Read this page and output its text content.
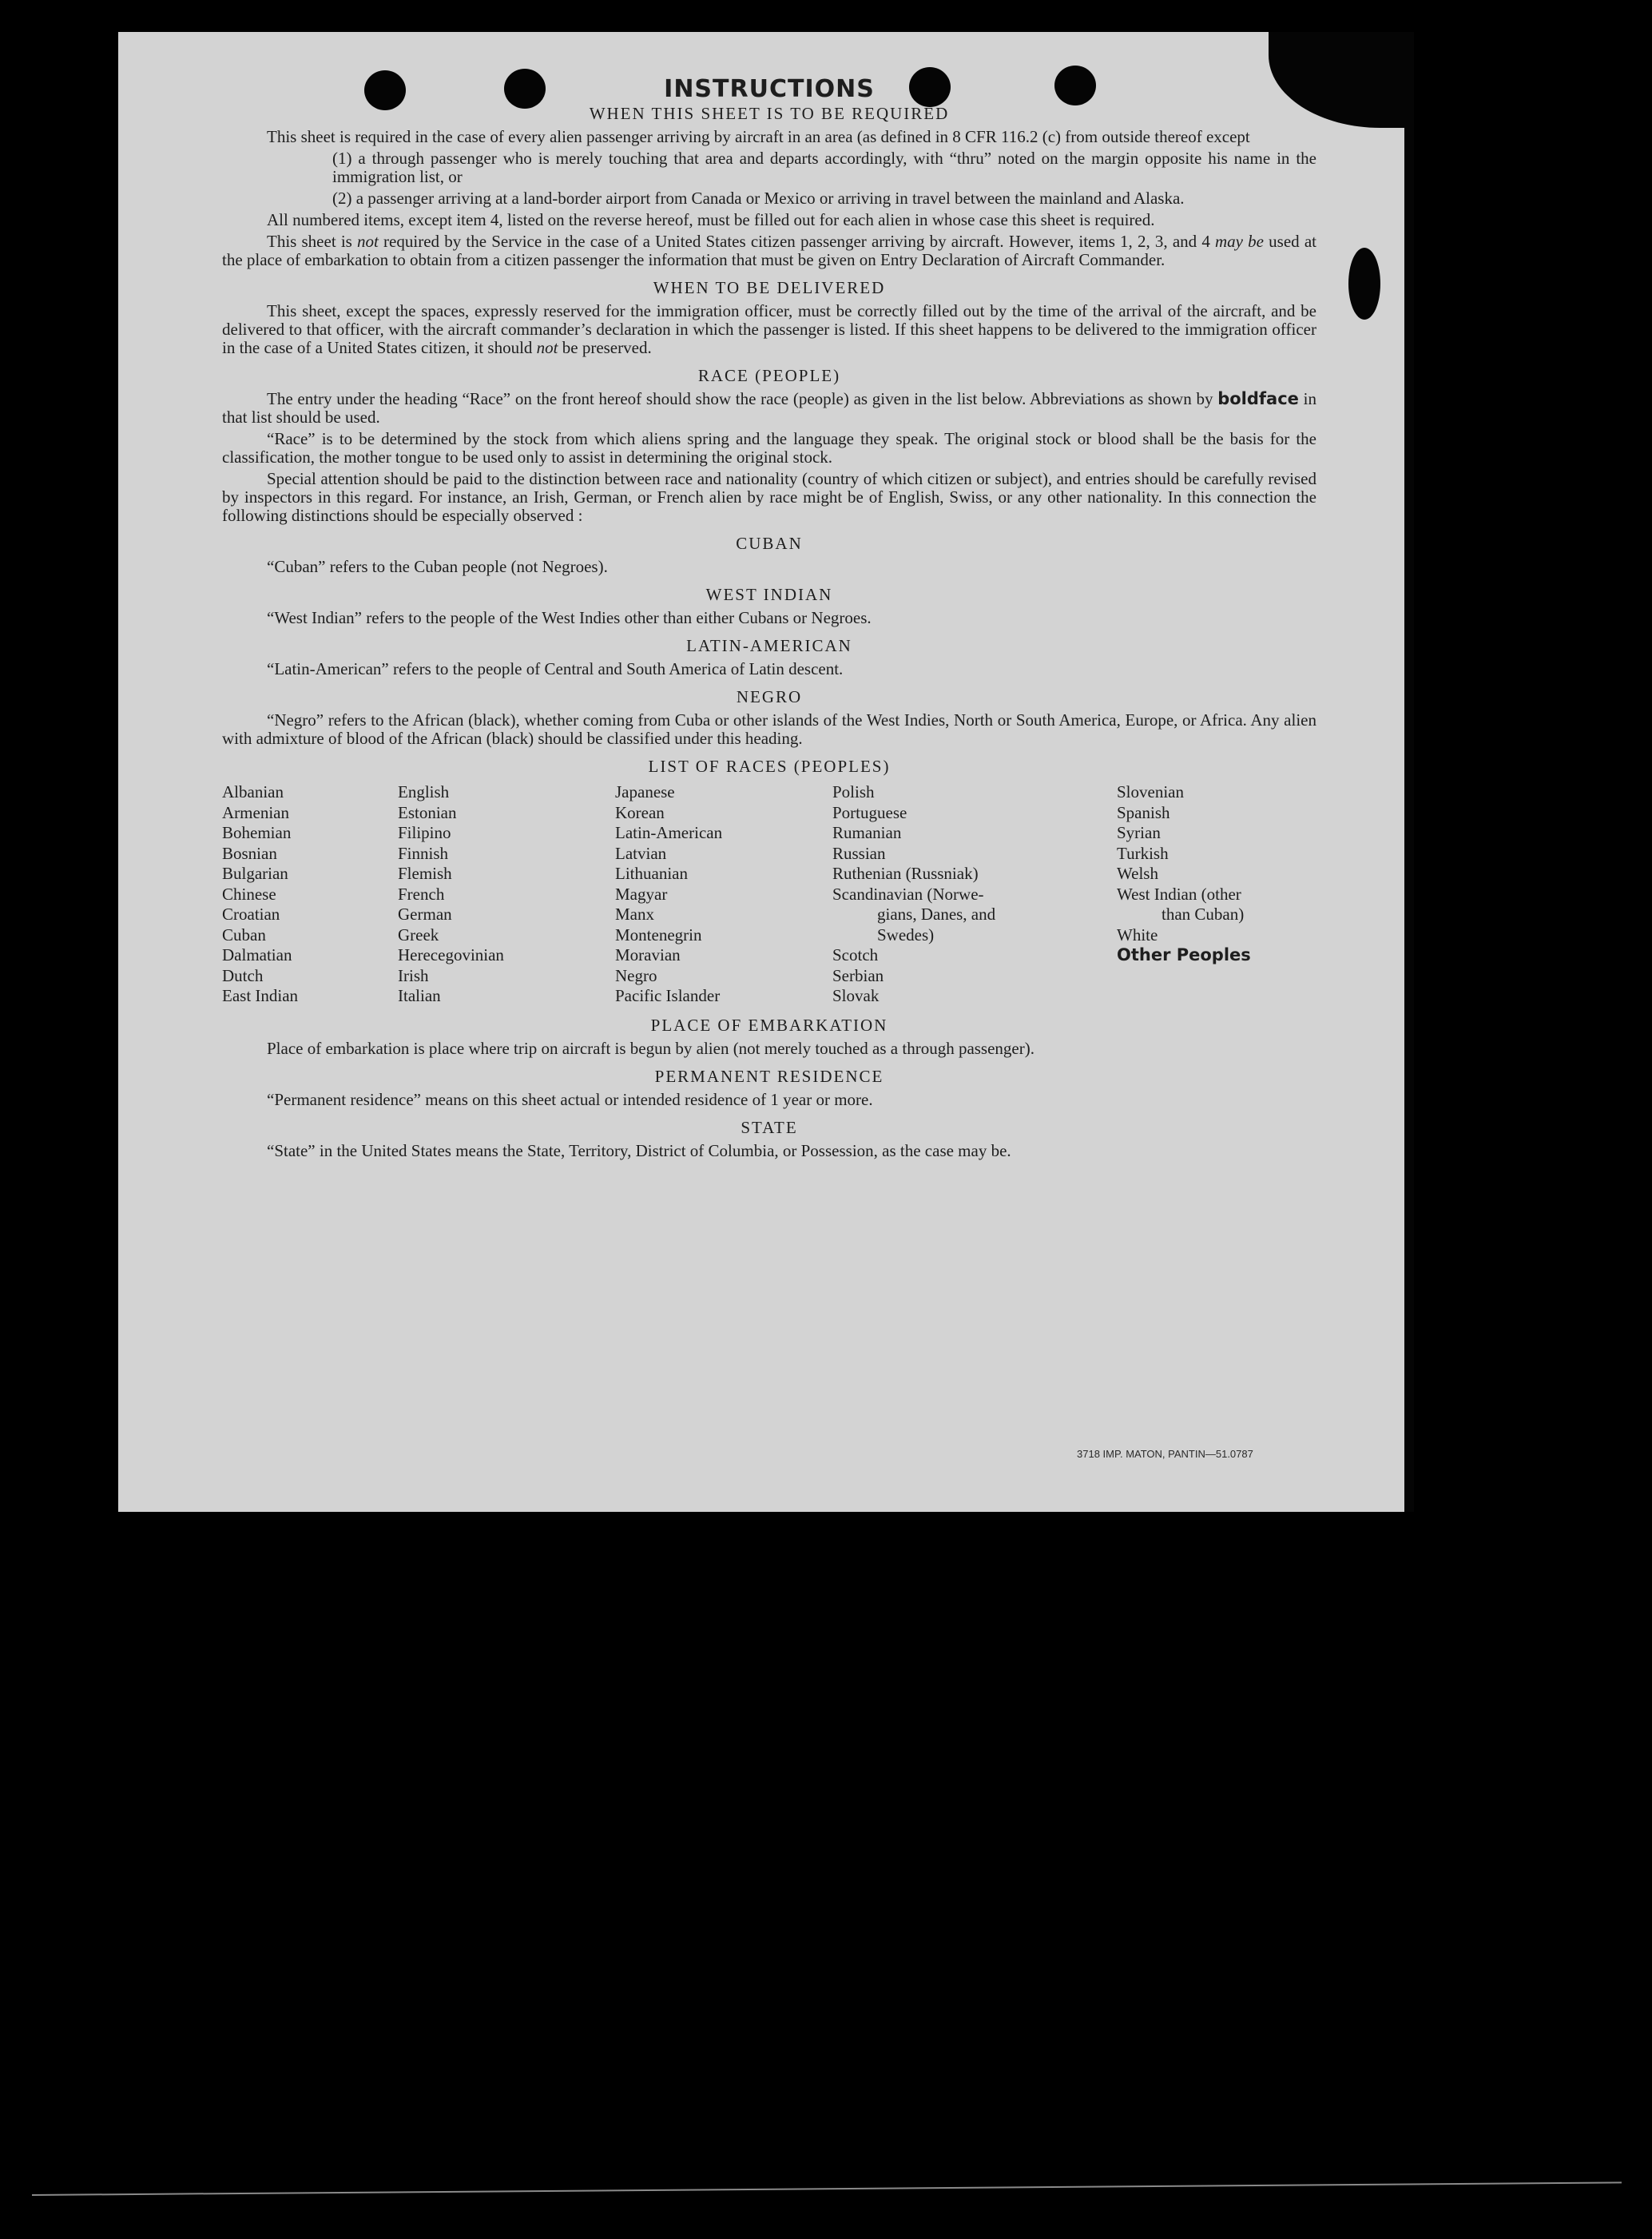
INSTRUCTIONS
WHEN THIS SHEET IS TO BE REQUIRED

This sheet is required in the case of every alien passenger arriving by aircraft in an area (as defined in 8 CFR 116.2 (c) from outside thereof except

(1) a through passenger who is merely touching that area and departs accordingly, with “thru” noted on the margin opposite his name in the immigration list, or

(2) a passenger arriving at a land-border airport from Canada or Mexico or arriving in travel between the mainland and Alaska.

All numbered items, except item 4, listed on the reverse hereof, must be filled out for each alien in whose case this sheet is required.

This sheet is not required by the Service in the case of a United States citizen passenger arriving by aircraft. However, items 1, 2, 3, and 4 may be used at the place of embarkation to obtain from a citizen passenger the information that must be given on Entry Declaration of Aircraft Commander.

WHEN TO BE DELIVERED

This sheet, except the spaces, expressly reserved for the immigration officer, must be correctly filled out by the time of the arrival of the aircraft, and be delivered to that officer, with the aircraft commander’s declaration in which the passenger is listed. If this sheet happens to be delivered to the immigration officer in the case of a United States citizen, it should not be preserved.

RACE (PEOPLE)

The entry under the heading “Race” on the front hereof should show the race (people) as given in the list below. Abbreviations as shown by boldface in that list should be used.

“Race” is to be determined by the stock from which aliens spring and the language they speak. The original stock or blood shall be the basis for the classification, the mother tongue to be used only to assist in determining the original stock.

Special attention should be paid to the distinction between race and nationality (country of which citizen or subject), and entries should be carefully revised by inspectors in this regard. For instance, an Irish, German, or French alien by race might be of English, Swiss, or any other nationality. In this connection the following distinctions should be especially observed :

CUBAN

“Cuban” refers to the Cuban people (not Negroes).

WEST INDIAN

“West Indian” refers to the people of the West Indies other than either Cubans or Negroes.

LATIN-AMERICAN

“Latin-American” refers to the people of Central and South America of Latin descent.

NEGRO

“Negro” refers to the African (black), whether coming from Cuba or other islands of the West Indies, North or South America, Europe, or Africa. Any alien with admixture of blood of the African (black) should be classified under this heading.

LIST OF RACES (PEOPLES)
Albanian
Armenian
Bohemian
Bosnian
Bulgarian
Chinese
Croatian
Cuban
Dalmatian
Dutch
East Indian
English
Estonian
Filipino
Finnish
Flemish
French
German
Greek
Herecegovinian
Irish
Italian
Japanese
Korean
Latin-American
Latvian
Lithuanian
Magyar
Manx
Montenegrin
Moravian
Negro
Pacific Islander
Polish
Portuguese
Rumanian
Russian
Ruthenian (Russniak)
Scandinavian (Norwe-
gians, Danes, and
Swedes)
Scotch
Serbian
Slovak
Slovenian
Spanish
Syrian
Turkish
Welsh
West Indian (other
than Cuban)
White
Other Peoples
PLACE OF EMBARKATION

Place of embarkation is place where trip on aircraft is begun by alien (not merely touched as a through passenger).

PERMANENT RESIDENCE

“Permanent residence” means on this sheet actual or intended residence of 1 year or more.

STATE

“State” in the United States means the State, Territory, District of Columbia, or Possession, as the case may be.

3718 IMP. MATON, PANTIN—51.0787
